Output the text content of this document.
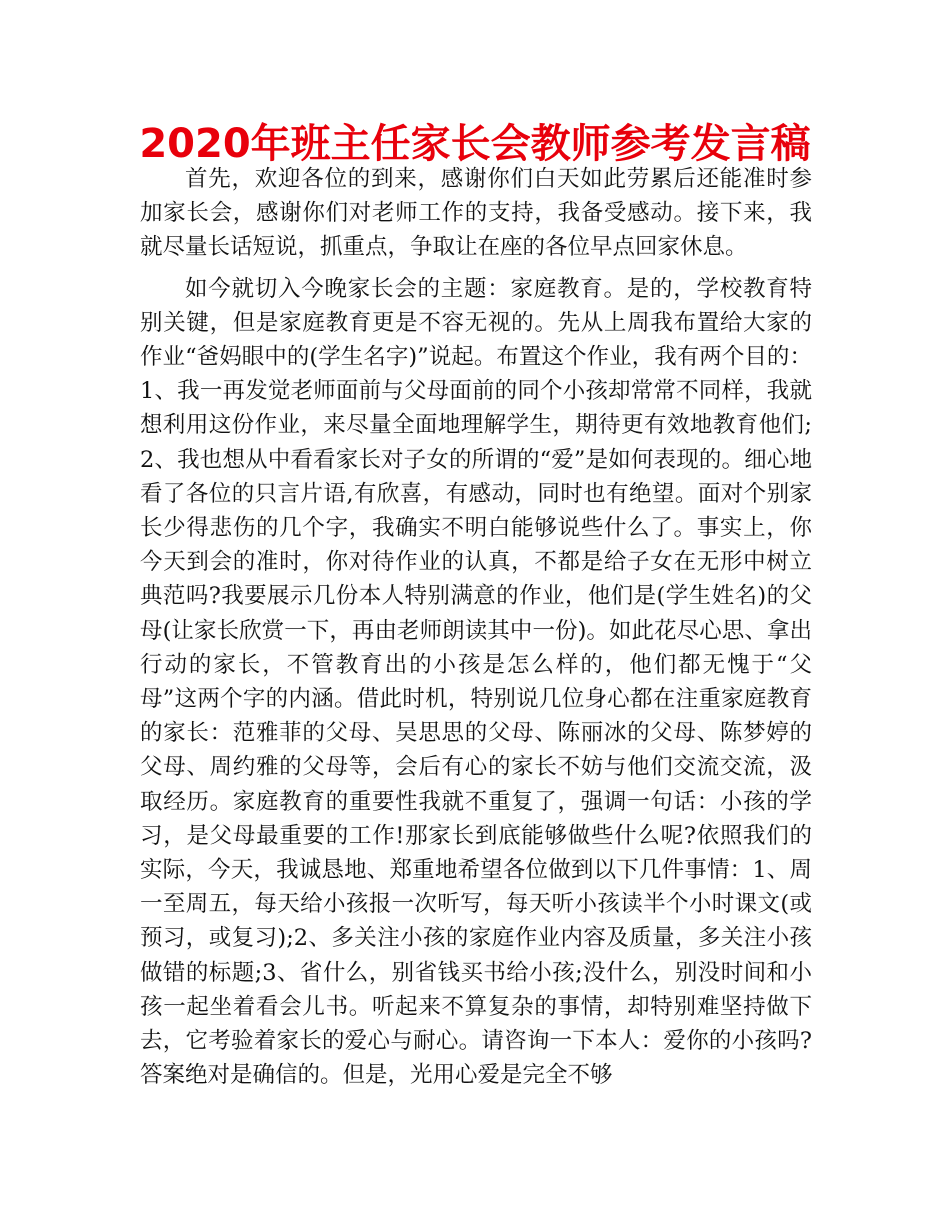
2020年班主任家长会教师参考发言稿

首先，欢迎各位的到来，感谢你们白天如此劳累后还能准时参加家长会，感谢你们对老师工作的支持，我备受感动。接下来，我就尽量长话短说，抓重点，争取让在座的各位早点回家休息。

如今就切入今晚家长会的主题：家庭教育。是的，学校教育特别关键，但是家庭教育更是不容无视的。先从上周我布置给大家的作业“爸妈眼中的(学生名字)”说起。布置这个作业，我有两个目的：1、我一再发觉老师面前与父母面前的同个小孩却常常不同样，我就想利用这份作业，来尽量全面地理解学生，期待更有效地教育他们;2、我也想从中看看家长对子女的所谓的“爱”是如何表现的。细心地看了各位的只言片语,有欣喜，有感动，同时也有绝望。面对个别家长少得悲伤的几个字，我确实不明白能够说些什么了。事实上，你今天到会的准时，你对待作业的认真，不都是给子女在无形中树立典范吗?我要展示几份本人特别满意的作业，他们是(学生姓名)的父母(让家长欣赏一下，再由老师朗读其中一份)。如此花尽心思、拿出行动的家长，不管教育出的小孩是怎么样的，他们都无愧于“父母”这两个字的内涵。借此时机，特别说几位身心都在注重家庭教育的家长：范雅菲的父母、吴思思的父母、陈丽冰的父母、陈梦婷的父母、周约雅的父母等，会后有心的家长不妨与他们交流交流，汲取经历。家庭教育的重要性我就不重复了，强调一句话：小孩的学习，是父母最重要的工作!那家长到底能够做些什么呢?依照我们的实际，今天，我诚恳地、郑重地希望各位做到以下几件事情：1、周一至周五，每天给小孩报一次听写，每天听小孩读半个小时课文(或预习，或复习);2、多关注小孩的家庭作业内容及质量，多关注小孩做错的标题;3、省什么，别省钱买书给小孩;没什么，别没时间和小孩一起坐着看会儿书。听起来不算复杂的事情，却特别难坚持做下去，它考验着家长的爱心与耐心。请咨询一下本人：爱你的小孩吗?答案绝对是确信的。但是，光用心爱是完全不够
